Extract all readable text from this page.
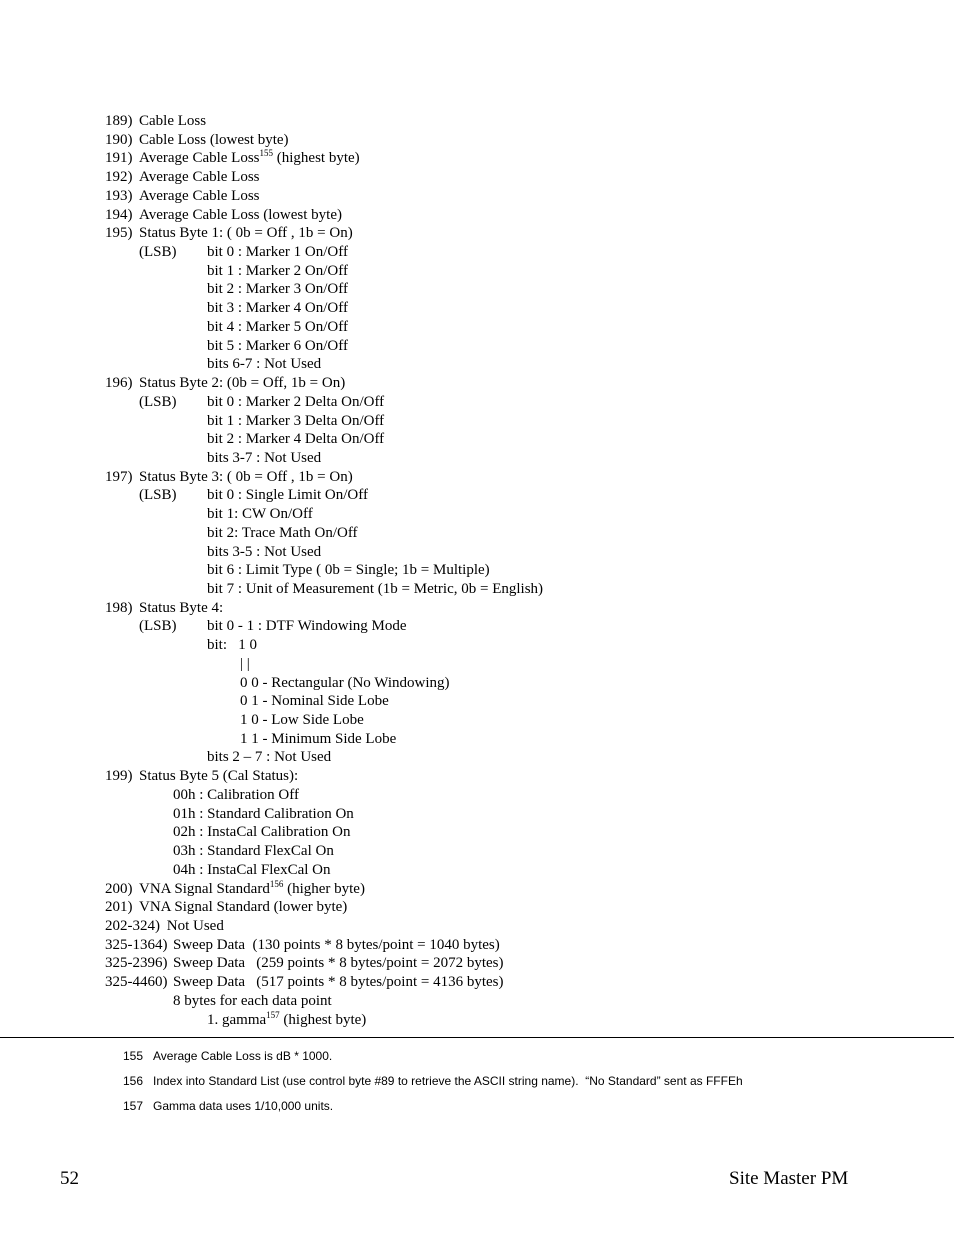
189) Cable Loss
190) Cable Loss (lowest byte)
191) Average Cable Loss$^{155}$ (highest byte)
192) Average Cable Loss
193) Average Cable Loss
194) Average Cable Loss (lowest byte)
195) Status Byte 1: ( 0b = Off , 1b = On)
(LSB) bit 0 : Marker 1 On/Off
bit 1 : Marker 2 On/Off
bit 2 : Marker 3 On/Off
bit 3 : Marker 4 On/Off
bit 4 : Marker 5 On/Off
bit 5 : Marker 6 On/Off
bits 6-7 : Not Used
196) Status Byte 2: (0b = Off, 1b = On)
(LSB) bit 0 : Marker 2 Delta On/Off
bit 1 : Marker 3 Delta On/Off
bit 2 : Marker 4 Delta On/Off
bits 3-7 : Not Used
197) Status Byte 3: ( 0b = Off , 1b = On)
(LSB) bit 0 : Single Limit On/Off
bit 1: CW On/Off
bit 2: Trace Math On/Off
bits 3-5 : Not Used
bit 6 : Limit Type ( 0b = Single; 1b = Multiple)
bit 7 : Unit of Measurement (1b = Metric, 0b = English)
198) Status Byte 4:
(LSB) bit 0 - 1 : DTF Windowing Mode
bit:   1 0
| |
0 0 - Rectangular (No Windowing)
0 1 - Nominal Side Lobe
1 0 - Low Side Lobe
1 1 - Minimum Side Lobe
bits 2 – 7 : Not Used
199) Status Byte 5 (Cal Status):
00h : Calibration Off
01h : Standard Calibration On
02h : InstaCal Calibration On
03h : Standard FlexCal On
04h : InstaCal FlexCal On
200) VNA Signal Standard$^{156}$ (higher byte)
201) VNA Signal Standard (lower byte)
202-324) Not Used
325-1364) Sweep Data  (130 points * 8 bytes/point = 1040 bytes)
325-2396) Sweep Data   (259 points * 8 bytes/point = 2072 bytes)
325-4460) Sweep Data   (517 points * 8 bytes/point = 4136 bytes)
8 bytes for each data point
1. gamma$^{157}$ (highest byte)
155 Average Cable Loss is dB * 1000.
156 Index into Standard List (use control byte #89 to retrieve the ASCII string name).  “No Standard” sent as FFFEh
157 Gamma data uses 1/10,000 units.
52	Site Master PM
